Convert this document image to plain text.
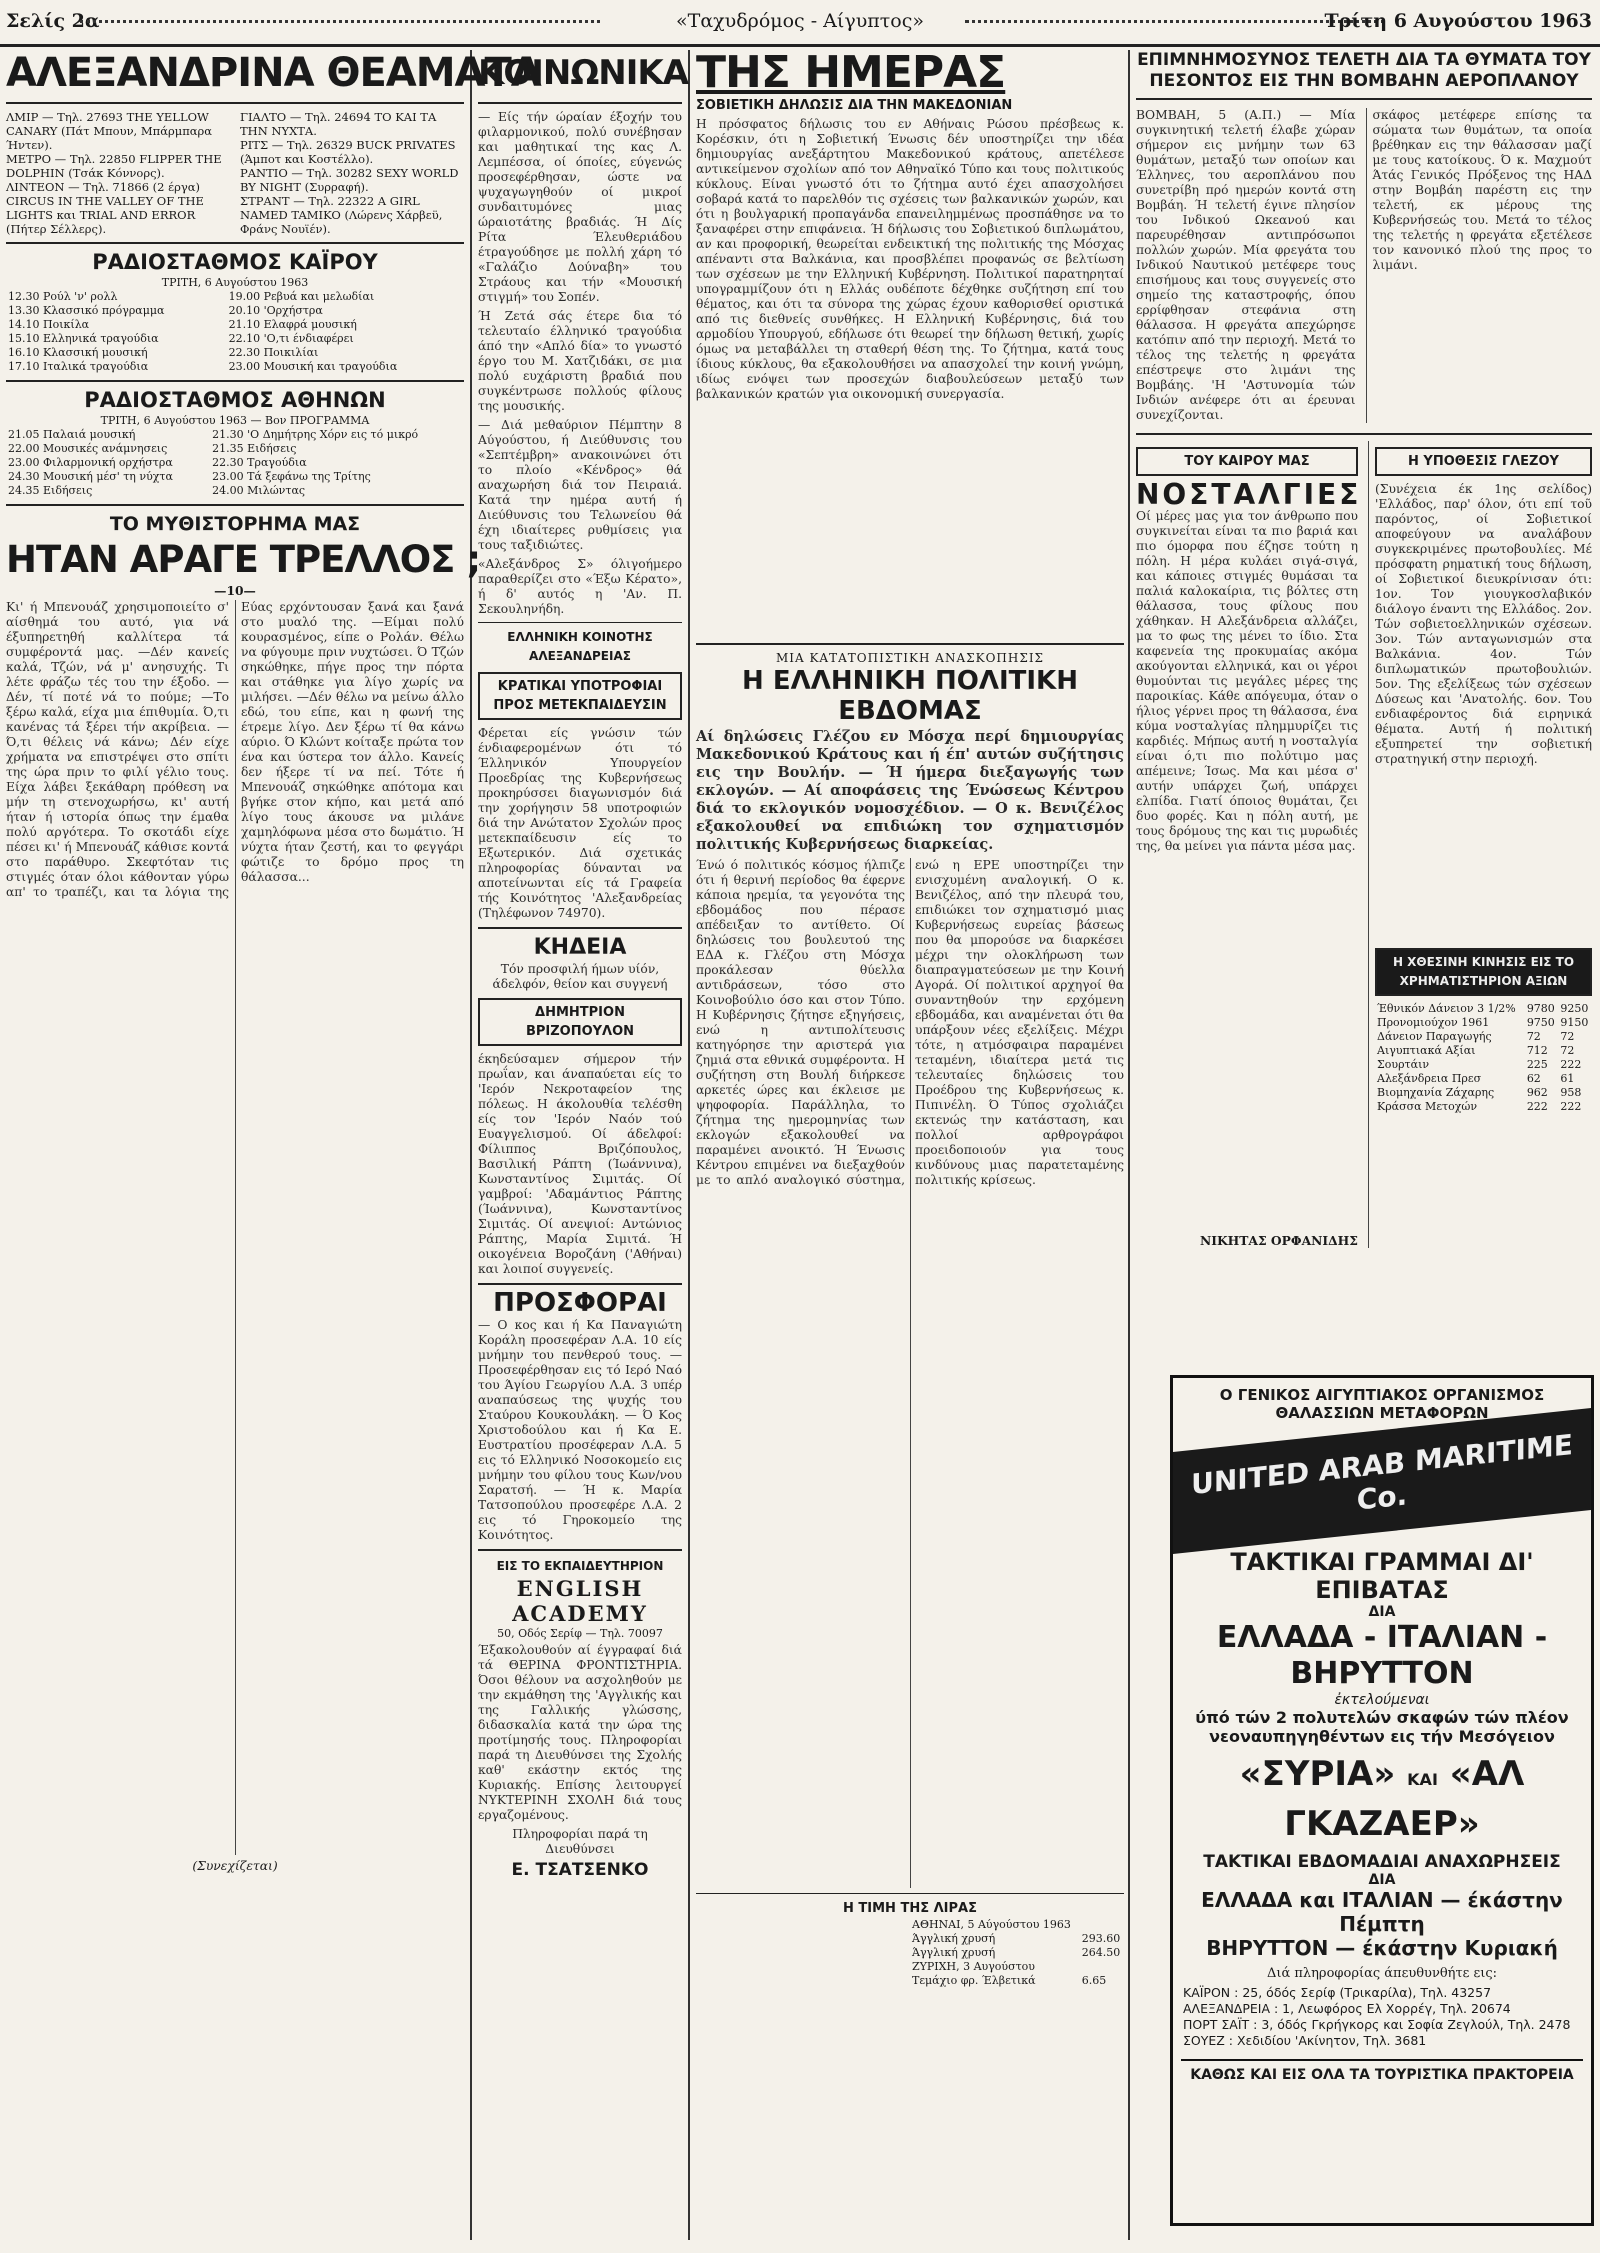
Σελίς 2α	«Ταχυδρόμος - Αίγυπτος»	Τρίτη 6 Αυγούστου 1963
ΑΛΕΞΑΝΔΡΙΝΑ ΘΕΑΜΑΤΑ
ΛΜΙΡ — Τηλ. 27693 THE YELLOW CANARY (Πάτ Μπουν, Μπάρμπαρα Ήντεν).
ΜΕΤΡΟ — Τηλ. 22850 FLIPPER THE DOLPHIN (Τσάκ Κόννορς).
ΛΙΝΤΕΟΝ — Τηλ. 71866 (2 έργα) CIRCUS IN THE VALLEY OF THE LIGHTS και TRIAL AND ERROR (Πήτερ Σέλλερς).
ΓΙΑΛΤΟ — Τηλ. 24694 ΤΟ ΚΑΙ ΤΑ ΤΗΝ ΝΥΧΤΑ.
ΡΙΤΣ — Τηλ. 26329 BUCK PRIVATES (Άμποτ και Κοστέλλο).
ΡΑΝΤΙΟ — Τηλ. 30282 SEXY WORLD BY NIGHT (Συρραφή).
ΣΤΡΑΝΤ — Τηλ. 22322 A GIRL NAMED TAMIKO (Λώρενς Χάρβεϋ, Φράνς Νουϊέν).
ΡΑΔΙΟΣΤΑΘΜΟΣ ΚΑΪΡΟΥ
ΤΡΙΤΗ, 6 Αυγούστου 1963
12.30 Ρούλ 'ν' ρολλ	19.00 Ρεβυά και μελωδίαι
13.30 Κλασσικό πρόγραμμα	20.10 'Ορχήστρα
14.10 Ποικίλα	21.10 Ελαφρά μουσική
15.10 Ελληνικά τραγούδια	22.10 'Ο,τι ένδιαφέρει
16.10 Κλασσική μουσική	22.30 Ποικιλίαι
17.10 Ιταλικά τραγούδια	23.00 Μουσική και τραγούδια
ΡΑΔΙΟΣΤΑΘΜΟΣ ΑΘΗΝΩΝ
ΤΡΙΤΗ, 6 Αυγούστου 1963 — Βον ΠΡΟΓΡΑΜΜΑ
21.05 Παλαιά μουσική	21.30 'Ο Δημήτρης Χόρν εις τό μικρό
22.00 Μουσικές ανάμνησεις	21.35 Ειδήσεις
23.00 Φιλαρμονική ορχήστρα	22.30 Τραγούδια
24.30 Μουσική μέσ' τη νύχτα	23.00 Τά ξεφάνω της Τρίτης
24.35 Ειδήσεις	24.00 Μιλώντας
ΤΟ ΜΥΘΙΣΤΟΡΗΜΑ ΜΑΣ
ΗΤΑΝ ΑΡΑΓΕ ΤΡΕΛΛΟΣ ;
—10—
Κι' ή Μπενουάζ χρησιμοποιείτο σ' αίσθημά του αυτό, για νά έξυπηρετηθή καλλίτερα τά συμφέροντά μας. —Δέν κανείς καλά, Τζών, νά μ' ανησυχής. Τι λέτε φράζω τές του την έξοδο. —Δέν, τί ποτέ νά το πούμε; —Το ξέρω καλά, είχα μια έπιθυμία. Ό,τι κανένας τά ξέρει τήν ακρίβεια. —Ό,τι θέλεις νά κάνω; Δέν είχε χρήματα να επιστρέψει στο σπίτι της ώρα πριν το φιλί γέλιο τους. Είχα λάβει ξεκάθαρη πρόθεση να μήν τη στενοχωρήσω, κι' αυτή ήταν ή ιστορία όπως την έμαθα πολύ αργότερα. Το σκοτάδι είχε πέσει κι' ή Μπενουάζ κάθισε κοντά στο παράθυρο. Σκεφτόταν τις στιγμές όταν όλοι κάθονταν γύρω απ' το τραπέζι, και τα λόγια της Εύας ερχόντουσαν ξανά και ξανά στο μυαλό της. —Είμαι πολύ κουρασμένος, είπε ο Ρολάν. Θέλω να φύγουμε πριν νυχτώσει. Ό Τζών σηκώθηκε, πήγε προς την πόρτα και στάθηκε για λίγο χωρίς να μιλήσει. —Δέν θέλω να μείνω άλλο εδώ, του είπε, και η φωνή της έτρεμε λίγο. Δεν ξέρω τί θα κάνω αύριο. Ό Κλώντ κοίταξε πρώτα τον ένα και ύστερα τον άλλο. Κανείς δεν ήξερε τί να πεί. Τότε ή Μπενουάζ σηκώθηκε απότομα και βγήκε στον κήπο, και μετά από λίγο τους άκουσε να μιλάνε χαμηλόφωνα μέσα στο δωμάτιο. Ή νύχτα ήταν ζεστή, και το φεγγάρι φώτιζε το δρόμο προς τη θάλασσα...
(Συνεχίζεται)
ΚΟΙΝΩΝΙΚΑ
— Είς τήν ώραίαν έξοχήν του φιλαρμονικού, πολύ συνέβησαν και μαθητικαί της κας Λ. Λεμπέσσα, οί όποίες, εύγενώς προσεφέρθησαν, ώστε να ψυχαγωγηθούν οί μικροί συνδαιτυμόνες μιας ώραιοτάτης βραδιάς. Ή Δίς Ρίτα Έλευθεριάδου έτραγούδησε με πολλή χάρη τό «Γαλάζιο Δούναβη» του Στράους και τήν «Μουσική στιγμή» του Σοπέν.
Ή Ζετά σάς έτερε δια τό τελευταίο έλληνικό τραγούδια άπό την «Απλό δία» το γνωστό έργο του Μ. Χατζιδάκι, σε μια πολύ ευχάριστη βραδιά που συγκέντρωσε πολλούς φίλους της μουσικής.
— Διά μεθαύριον Πέμπτην 8 Αύγούστου, ή Διεύθυνσις του «Σεπτέμβρη» ανακοινώνει ότι το πλοίο «Κένδρος» θά αναχωρήση διά τον Πειραιά. Κατά την ημέρα αυτή ή Διεύθυνσις του Τελωνείου θά έχη ιδιαίτερες ρυθμίσεις για τους ταξιδιώτες.
«Αλεξάνδρος Σ» όλιγοήμερο παραθερίζει στο «Έξω Κέρατο», ή δ' αυτός η 'Αν. Π. Σεκουληνήδη.
ΕΛΛΗΝΙΚΗ ΚΟΙΝΟΤΗΣ ΑΛΕΞΑΝΔΡΕΙΑΣ
ΚΡΑΤΙΚΑΙ ΥΠΟΤΡΟΦΙΑΙ ΠΡΟΣ ΜΕΤΕΚΠΑΙΔΕΥΣΙΝ
Φέρεται είς γνώσιν τών ένδιαφερομένων ότι τό Έλληνικόν Υπουργείον Προεδρίας της Κυβερνήσεως προκηρύσσει διαγωνισμόν διά την χορήγησιν 58 υποτροφιών διά την Ανώτατον Σχολών προς μετεκπαίδευσιν είς το Εξωτερικόν. Διά σχετικάς πληροφορίας δύνανται να αποτείνωνται είς τά Γραφεία τής Κοινότητος 'Αλεξανδρείας (Τηλέφωνον 74970).
ΚΗΔΕΙΑ
Τόν προσφιλή ήμων υίόν, άδελφόν, θείον και συγγενή
ΔΗΜΗΤΡΙΟΝ ΒΡΙΖΟΠΟΥΛΟΝ
έκηδεύσαμεν σήμερον τήν πρωΐαν, και άναπαύεται είς το 'Ιερόν Νεκροταφείον της πόλεως. Η άκολουθία τελέσθη είς τον 'Ιερόν Ναόν τού Ευαγγελισμού. Οί άδελφοί: Φίλιππος Βριζόπουλος, Βασιλική Ράπτη (Ίωάννινα), Κωνσταντίνος Σιμιτάς. Οί γαμβροί: 'Αδαμάντιος Ράπτης (Ίωάννινα), Κωνσταντίνος Σιμιτάς. Οί ανεψιοί: Αντώνιος Ράπτης, Μαρία Σιμιτά. Ή οικογένεια Βοροζάνη ('Αθήναι) και λοιποί συγγενείς.
ΠΡΟΣΦΟΡΑΙ
— Ο κος και ή Κα Παναγιώτη Κοράλη προσεφέραν Λ.Α. 10 είς μνήμην του πενθερού τους. — Προσεφέρθησαν εις τό Ιερό Ναό του Άγίου Γεωργίου Λ.Α. 3 υπέρ αναπαύσεως της ψυχής του Σταύρου Κουκουλάκη. — Ό Κος Χριστοδούλου και ή Κα Ε. Ευστρατίου προσέφεραν Λ.Α. 5 εις τό Ελληνικό Νοσοκομείο εις μνήμην του φίλου τους Κων/νου Σαρατσή. — Ή κ. Μαρία Τατσοπούλου προσεφέρε Λ.Α. 2 εις τό Γηροκομείο της Κοινότητος.
ΕΙΣ ΤΟ ΕΚΠΑΙΔΕΥΤΗΡΙΟΝ
ENGLISH ACADEMY
50, Οδός Σερίφ — Τηλ. 70097
Έξακολουθούν αί έγγραφαί διά τά ΘΕΡΙΝΑ ΦΡΟΝΤΙΣΤΗΡΙΑ. Όσοι θέλουν να ασχοληθούν με την εκμάθηση της 'Αγγλικής και της Γαλλικής γλώσσης, διδασκαλία κατά την ώρα της προτίμησής τους. Πληροφορίαι παρά τη Διευθύνσει της Σχολής καθ' εκάστην εκτός της Κυριακής. Επίσης λειτουργεί ΝΥΚΤΕΡΙΝΗ ΣΧΟΛΗ διά τους εργαζομένους.
Πληροφορίαι παρά τη Διευθύνσει
Ε. ΤΣΑΤΣΕΝΚΟ
ΤΗΣ ΗΜΕΡΑΣ
ΣΟΒΙΕΤΙΚΗ ΔΗΛΩΣΙΣ ΔΙΑ ΤΗΝ ΜΑΚΕΔΟΝΙΑΝ
Η πρόσφατος δήλωσις του εν Αθήναις Ρώσου πρέσβεως κ. Κορέσκιν, ότι η Σοβιετική Ένωσις δέν υποστηρίζει την ιδέα δημιουργίας ανεξάρτητου Μακεδονικού κράτους, απετέλεσε αντικείμενον σχολίων από τον Αθηναϊκό Τύπο και τους πολιτικούς κύκλους. Είναι γνωστό ότι το ζήτημα αυτό έχει απασχολήσει σοβαρά κατά το παρελθόν τις σχέσεις των βαλκανικών χωρών, και ότι η βουλγαρική προπαγάνδα επανειλημμένως προσπάθησε να το ξαναφέρει στην επιφάνεια. Ή δήλωσις του Σοβιετικού διπλωμάτου, αν και προφορική, θεωρείται ενδεικτική της πολιτικής της Μόσχας απέναντι στα Βαλκάνια, και προσβλέπει προφανώς σε βελτίωση των σχέσεων με την Ελληνική Κυβέρνηση. Πολιτικοί παρατηρηταί υπογραμμίζουν ότι η Ελλάς ουδέποτε δέχθηκε συζήτηση επί του θέματος, και ότι τα σύνορα της χώρας έχουν καθορισθεί οριστικά από τις διεθνείς συνθήκες. Η Ελληνική Κυβέρνησις, διά του αρμοδίου Υπουργού, εδήλωσε ότι θεωρεί την δήλωση θετική, χωρίς όμως να μεταβάλλει τη σταθερή θέση της. Το ζήτημα, κατά τους ίδιους κύκλους, θα εξακολουθήσει να απασχολεί την κοινή γνώμη, ιδίως ενόψει των προσεχών διαβουλεύσεων μεταξύ των βαλκανικών κρατών για οικονομική συνεργασία.
ΜΙΑ ΚΑΤΑΤΟΠΙΣΤΙΚΗ ΑΝΑΣΚΟΠΗΣΙΣ
Η ΕΛΛΗΝΙΚΗ ΠΟΛΙΤΙΚΗ ΕΒΔΟΜΑΣ
Αί δηλώσεις Γλέζου εν Μόσχα περί δημιουργίας Μακεδονικού Κράτους και ή έπ' αυτών συζήτησις εις την Βουλήν. — Ή ήμερα διεξαγωγής των εκλογών. — Αί αποφάσεις της Ένώσεως Κέντρου διά το εκλογικόν νομοσχέδιον. — Ο κ. Βενιζέλος εξακολουθεί να επιδιώκη τον σχηματισμόν πολιτικής Κυβερνήσεως διαρκείας.
Ένώ ό πολιτικός κόσμος ήλπιζε ότι ή θερινή περίοδος θα έφερνε κάποια ηρεμία, τα γεγονότα της εβδομάδος που πέρασε απέδειξαν το αντίθετο. Οί δηλώσεις του βουλευτού της ΕΔΑ κ. Γλέζου στη Μόσχα προκάλεσαν θύελλα αντιδράσεων, τόσο στο Κοινοβούλιο όσο και στον Τύπο. Η Κυβέρνησις ζήτησε εξηγήσεις, ενώ η αντιπολίτευσις κατηγόρησε την αριστερά για ζημιά στα εθνικά συμφέροντα. Η συζήτηση στη Βουλή διήρκεσε αρκετές ώρες και έκλεισε με ψηφοφορία. Παράλληλα, το ζήτημα της ημερομηνίας των εκλογών εξακολουθεί να παραμένει ανοικτό. Ή Ένωσις Κέντρου επιμένει να διεξαχθούν με το απλό αναλογικό σύστημα, ενώ η ΕΡΕ υποστηρίζει την ενισχυμένη αναλογική. Ο κ. Βενιζέλος, από την πλευρά του, επιδιώκει τον σχηματισμό μιας Κυβερνήσεως ευρείας βάσεως που θα μπορούσε να διαρκέσει μέχρι την ολοκλήρωση των διαπραγματεύσεων με την Κοινή Αγορά. Οί πολιτικοί αρχηγοί θα συναντηθούν την ερχόμενη εβδομάδα, και αναμένεται ότι θα υπάρξουν νέες εξελίξεις. Μέχρι τότε, η ατμόσφαιρα παραμένει τεταμένη, ιδιαίτερα μετά τις τελευταίες δηλώσεις του Προέδρου της Κυβερνήσεως κ. Πιπινέλη. Ό Τύπος σχολιάζει εκτενώς την κατάσταση, και πολλοί αρθρογράφοι προειδοποιούν για τους κινδύνους μιας παρατεταμένης πολιτικής κρίσεως.
Η ΤΙΜΗ ΤΗΣ ΛΙΡΑΣ
ΑΘΗΝΑΙ, 5 Αύγούστου 1963	
Άγγλική χρυσή	293.60
Άγγλική χρυσή	264.50
ΖΥΡΙΧΗ, 3 Αυγούστου	
Τεμάχιο φρ. Έλβετικά	6.65
ΕΠΙΜΝΗΜΟΣΥΝΟΣ ΤΕΛΕΤΗ ΔΙΑ ΤΑ ΘΥΜΑΤΑ ΤΟΥ ΠΕΣΟΝΤΟΣ ΕΙΣ ΤΗΝ ΒΟΜΒΑΗΝ ΑΕΡΟΠΛΑΝΟΥ
ΒΟΜΒΑΗ, 5 (Α.Π.) — Μία συγκινητική τελετή έλαβε χώραν σήμερον εις μνήμην των 63 θυμάτων, μεταξύ των οποίων και Έλληνες, του αεροπλάνου που συνετρίβη πρό ημερών κοντά στη Βομβάη. Ή τελετή έγινε πλησίον του Ινδικού Ωκεανού και παρευρέθησαν αντιπρόσωποι πολλών χωρών. Μία φρεγάτα του Ινδικού Ναυτικού μετέφερε τους επισήμους και τους συγγενείς στο σημείο της καταστροφής, όπου ερρίφθησαν στεφάνια στη θάλασσα. Η φρεγάτα απεχώρησε κατόπιν από την περιοχή. Μετά το τέλος της τελετής η φρεγάτα επέστρεψε στο λιμάνι της Βομβάης. 'Η 'Αστυνομία τών Ινδιών ανέφερε ότι αι έρευναι συνεχίζονται.
σκάφος μετέφερε επίσης τα σώματα των θυμάτων, τα οποία βρέθηκαν εις την θάλασσαν μαζί με τους κατοίκους. Ό κ. Μαχμούτ Άτάς Γενικός Πρόξενος της ΗΑΔ στην Βομβάη παρέστη εις την τελετή, εκ μέρους της Κυβερνήσεώς του. Μετά το τέλος της τελετής η φρεγάτα εξετέλεσε τον κανονικό πλού της προς το λιμάνι.
ΤΟΥ ΚΑΙΡΟΥ ΜΑΣ
ΝΟΣΤΑΛΓΙΕΣ
Οί μέρες μας για τον άνθρωπο που συγκινείται είναι τα πιο βαριά και πιο όμορφα που έζησε τούτη η πόλη. Η μέρα κυλάει σιγά-σιγά, και κάποιες στιγμές θυμάσαι τα παλιά καλοκαίρια, τις βόλτες στη θάλασσα, τους φίλους που χάθηκαν. Η Αλεξάνδρεια αλλάζει, μα το φως της μένει το ίδιο. Στα καφενεία της προκυμαίας ακόμα ακούγονται ελληνικά, και οι γέροι θυμούνται τις μεγάλες μέρες της παροικίας. Κάθε απόγευμα, όταν ο ήλιος γέρνει προς τη θάλασσα, ένα κύμα νοσταλγίας πλημμυρίζει τις καρδιές. Μήπως αυτή η νοσταλγία είναι ό,τι πιο πολύτιμο μας απέμεινε; Ίσως. Μα και μέσα σ' αυτήν υπάρχει ζωή, υπάρχει ελπίδα. Γιατί όποιος θυμάται, ζει δυο φορές. Και η πόλη αυτή, με τους δρόμους της και τις μυρωδιές της, θα μείνει για πάντα μέσα μας.
ΝΙΚΗΤΑΣ ΟΡΦΑΝΙΔΗΣ
Η ΥΠΟΘΕΣΙΣ ΓΛΕΖΟΥ
(Συνέχεια έκ 1ης σελίδος) 'Ελλάδος, παρ' όλον, ότι επί τοῦ παρόντος, οί Σοβιετικοί αποφεύγουν να αναλάβουν συγκεκριμένες πρωτοβουλίες. Μέ πρόσφατη ρηματική τους δήλωση, οί Σοβιετικοί διευκρίνισαν ότι: 1ον. Τον γιουγκοσλαβικόν διάλογο έναντι της Ελλάδος. 2ον. Τών σοβιετοελληνικών σχέσεων. 3ον. Τών ανταγωνισμών στα Βαλκάνια. 4ον. Τών διπλωματικών πρωτοβουλιών. 5ον. Της εξελίξεως τών σχέσεων Δύσεως και 'Ανατολής. 6ον. Του ενδιαφέροντος διά ειρηνικά θέματα. Αυτή ή πολιτική εξυπηρετεί την σοβιετική στρατηγική στην περιοχή.
Η ΧΘΕΣΙΝΗ ΚΙΝΗΣΙΣ ΕΙΣ ΤΟ ΧΡΗΜΑΤΙΣΤΗΡΙΟΝ ΑΞΙΩΝ
Έθνικόν Δάνειον 3 1/2%	9780	9250
Προνομιούχον 1961	9750	9150
Δάνειον Παραγωγής	72	72
Αιγυπτιακά Αξίαι	712	72
Σουρτάιν	225	222
Αλεξάνδρεια Πρεσ	62	61
Βιομηχανία Ζάχαρης	962	958
Κράσσα Μετοχών	222	222
Ο ΓΕΝΙΚΟΣ ΑΙΓΥΠΤΙΑΚΟΣ ΟΡΓΑΝΙΣΜΟΣ ΘΑΛΑΣΣΙΩΝ ΜΕΤΑΦΟΡΩΝ
UNITED ARAB MARITIME Co.
ΤΑΚΤΙΚΑΙ ΓΡΑΜΜΑΙ ΔΙ' ΕΠΙΒΑΤΑΣ
ΔΙΑ
ΕΛΛΑΔΑ - ΙΤΑΛΙΑΝ - ΒΗΡΥΤΤΟΝ
ἐκτελούμεναι
ύπό τών 2 πολυτελών σκαφών τών πλέον νεοναυπηγηθέντων εις τήν Μεσόγειον
«ΣΥΡΙΑ» ΚΑΙ «ΑΛ ΓΚΑΖΑΕΡ»
ΤΑΚΤΙΚΑΙ ΕΒΔΟΜΑΔΙΑΙ ΑΝΑΧΩΡΗΣΕΙΣ
ΔΙΑ
ΕΛΛΑΔΑ και ΙΤΑΛΙΑΝ — έκάστην Πέμπτη
ΒΗΡΥΤΤΟΝ — έκάστην Κυριακή
Διά πληροφορίας άπευθυνθήτε εις:
ΚΑΪΡΟΝ : 25, όδός Σερίφ (Τρικαρίλα), Τηλ. 43257
ΑΛΕΞΑΝΔΡΕΙΑ : 1, Λεωφόρος Ελ Χορρέγ, Τηλ. 20674
ΠΟΡΤ ΣΑΪΤ : 3, όδός Γκρήγκορς και Σοφία Ζεγλούλ, Τηλ. 2478
ΣΟΥΕΖ : Χεδιδίου 'Ακίνητον, Τηλ. 3681
ΚΑΘΩΣ ΚΑΙ ΕΙΣ ΟΛΑ ΤΑ ΤΟΥΡΙΣΤΙΚΑ ΠΡΑΚΤΟΡΕΙΑ
